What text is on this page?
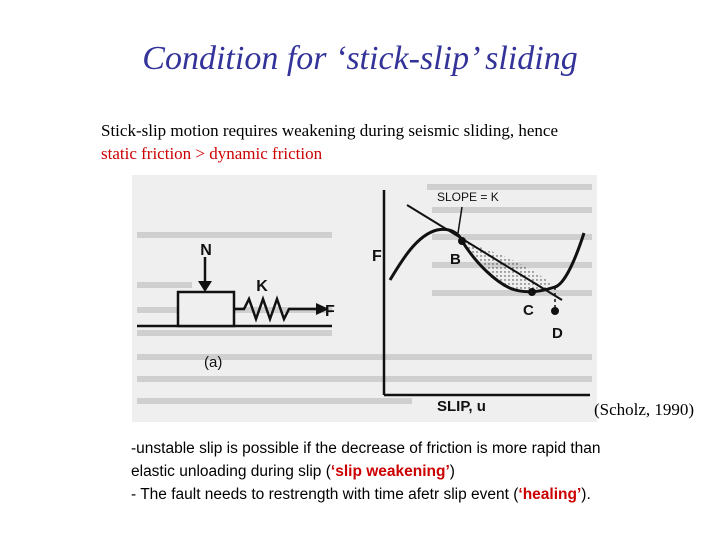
Condition for ‘stick-slip’ sliding
Stick-slip motion requires weakening during seismic sliding, hence
static friction > dynamic friction
N
K
F
(a)
SLOPE = K
F	B
C
D
SLIP, u	(Scholz, 1990)

-unstable slip is possible if the decrease of friction is more rapid than elastic unloading during slip (‘slip weakening’)

- The fault needs to restrength with time afetr slip event (‘healing’).
